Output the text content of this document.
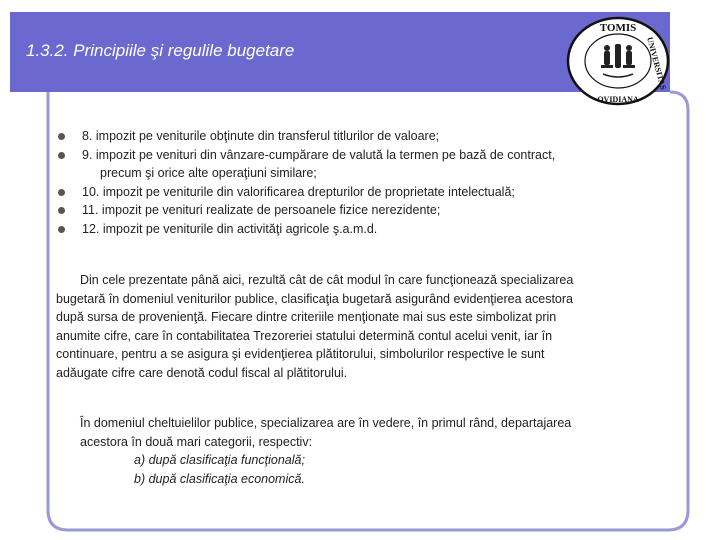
1.3.2. Principiile şi regulile bugetare
TOMIS
UNIVERSITAS
OVIDIANA
8. impozit pe veniturile obţinute din transferul titlurilor de valoare;
9. impozit pe venituri din vânzare-cumpărare de valută la termen pe bază de contract,
precum şi orice alte operaţiuni similare;
10. impozit pe veniturile din valorificarea drepturilor de proprietate intelectuală;
11. impozit pe venituri realizate de persoanele fizice nerezidente;
12. impozit pe veniturile din activităţi agricole ş.a.m.d.
Din cele prezentate până aici, rezultă cât de cât modul în care funcţionează specializarea
bugetară în domeniul veniturilor publice, clasificaţia bugetară asigurând evidenţierea acestora
după sursa de provenienţă. Fiecare dintre criteriile menţionate mai sus este simbolizat prin
anumite cifre, care în contabilitatea Trezoreriei statului determină contul acelui venit, iar în
continuare, pentru a se asigura şi evidenţierea plătitorului, simbolurilor respective le sunt
adăugate cifre care denotă codul fiscal al plătitorului.
În domeniul cheltuielilor publice, specializarea are în vedere, în primul rând, departajarea
acestora în două mari categorii, respectiv:
a) după clasificaţia funcţională;
b) după clasificaţia economică.
